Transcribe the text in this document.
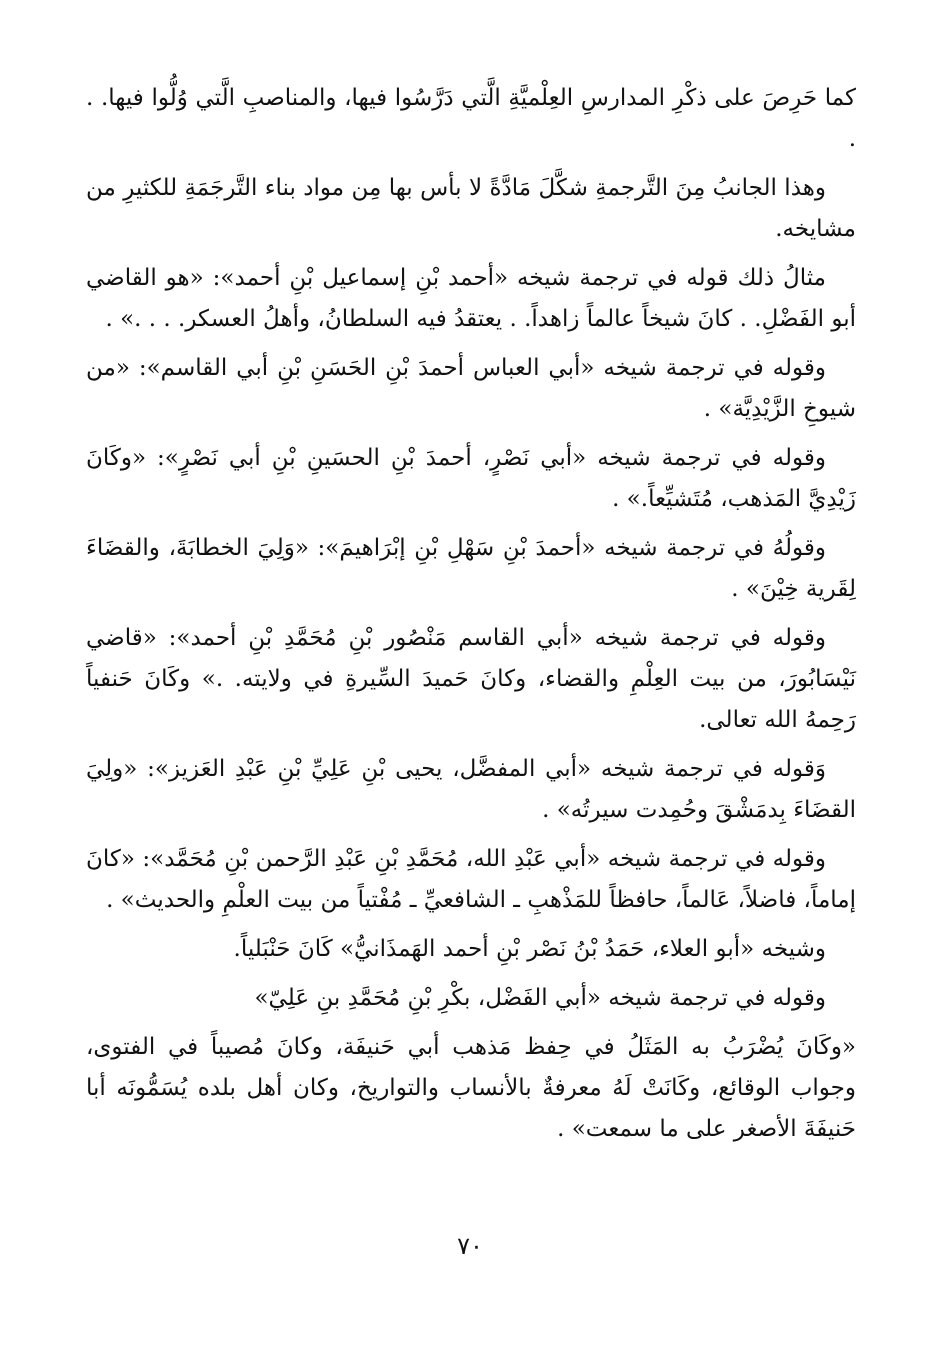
كما حَرِصَ على ذكْرِ المدارسِ العِلْميَّةِ الَّتي دَرَّسُوا فيها، والمناصبِ الَّتي وُلُّوا فيها. . .

وهذا الجانبُ مِنَ التَّرجمةِ شكَّلَ مَادَّةً لا بأس بها مِن مواد بناء التَّرجَمَةِ للكثيرِ من مشايخه.

مثالُ ذلك قوله في ترجمة شيخه «أحمد بْنِ إسماعيل بْنِ أحمد»: «هو القاضي أبو الفَضْلِ. . كانَ شيخاً عالماً زاهداً. . يعتقدُ فيه السلطانُ، وأهلُ العسكر. . . .» .

وقوله في ترجمة شيخه «أبي العباس أحمدَ بْنِ الحَسَنِ بْنِ أبي القاسم»: «من شيوخِ الزَّيْدِيَّة» .

وقوله في ترجمة شيخه «أبي نَصْرٍ، أحمدَ بْنِ الحسَينِ بْنِ أبي نَصْرٍ»: «وكَانَ زَيْدِيَّ المَذهب، مُتَشيِّعاً.» .

وقولُهُ في ترجمة شيخه «أحمدَ بْنِ سَهْلِ بْنِ إبْرَاهيمَ»: «وَلِيَ الخطابَةَ، والقضَاءَ لِقَرية خِيْنَ» .

وقوله في ترجمة شيخه «أبي القاسم مَنْصُور بْنِ مُحَمَّدِ بْنِ أحمد»: «قاضي نَيْسَابُورَ، من بيت العِلْمِ والقضاء، وكانَ حَميدَ السِّيرةِ في ولايته. .» وكَانَ حَنفياً رَحِمهُ الله تعالى.

وَقوله في ترجمة شيخه «أبي المفضَّل، يحيى بْنِ عَلِيِّ بْنِ عَبْدِ العَزيز»: «ولِيَ القضَاءَ بِدمَشْقَ وحُمِدت سيرتُه» .

وقوله في ترجمة شيخه «أبي عَبْدِ الله، مُحَمَّدِ بْنِ عَبْدِ الرَّحمن بْنِ مُحَمَّد»: «كانَ إماماً، فاضلاً، عَالماً، حافظاً للمَذْهبِ ـ الشافعيِّ ـ مُفْتياً من بيت العلْمِ والحديث» .

وشيخه «أبو العلاء، حَمَدُ بْنُ نَصْر بْنِ أحمد الهَمذَانيُّ» كَانَ حَنْبَلياً.

وقوله في ترجمة شيخه «أبي الفَضْل، بكْرِ بْنِ مُحَمَّدِ بنِ عَلِيّ»

«وكَانَ يُضْرَبُ به المَثَلُ في حِفظ مَذهب أبي حَنيفَة، وكانَ مُصيباً في الفتوى، وجواب الوقائع، وكَانَتْ لَهُ معرفةٌ بالأنساب والتواريخ، وكان أهل بلده يُسَمُّونَه أبا حَنيفَةَ الأصغر على ما سمعت» .

٧٠
